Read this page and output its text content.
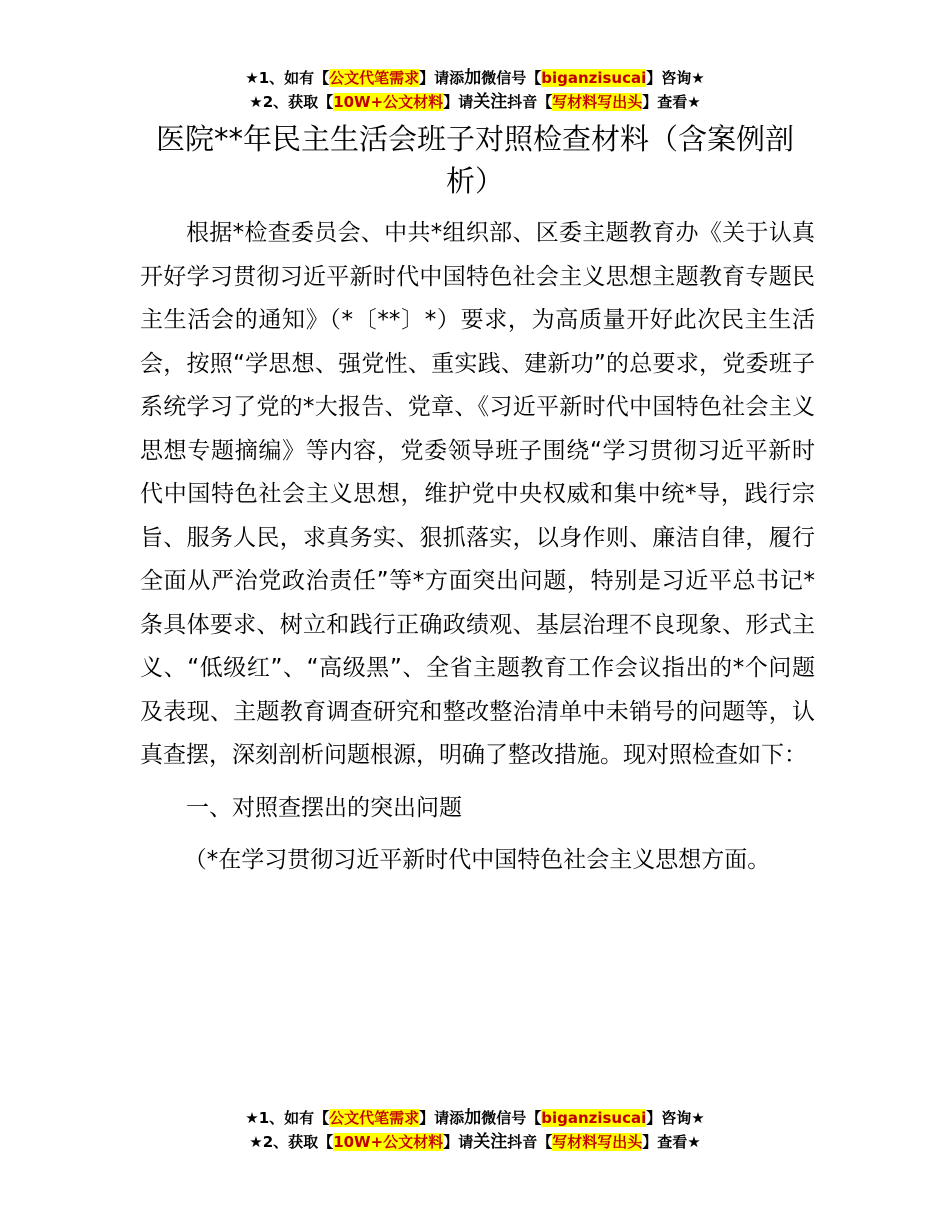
★1、如有【公文代笔需求】请添加微信号【biganzisucai】咨询★
★2、获取【10W+公文材料】请关注抖音【写材料写出头】查看★
医院**年民主生活会班子对照检查材料（含案例剖析）

根据*检查委员会、中共*组织部、区委主题教育办《关于认真开好学习贯彻习近平新时代中国特色社会主义思想主题教育专题民主生活会的通知》（*〔**〕*）要求，为高质量开好此次民主生活会，按照“学思想、强党性、重实践、建新功”的总要求，党委班子系统学习了党的*大报告、党章、《习近平新时代中国特色社会主义思想专题摘编》等内容，党委领导班子围绕“学习贯彻习近平新时代中国特色社会主义思想，维护党中央权威和集中统*导，践行宗旨、服务人民，求真务实、狠抓落实，以身作则、廉洁自律，履行全面从严治党政治责任”等*方面突出问题，特别是习近平总书记*条具体要求、树立和践行正确政绩观、基层治理不良现象、形式主义、“低级红”、“高级黑”、全省主题教育工作会议指出的*个问题及表现、主题教育调查研究和整改整治清单中未销号的问题等，认真查摆，深刻剖析问题根源，明确了整改措施。现对照检查如下：

一、对照查摆出的突出问题

（*在学习贯彻习近平新时代中国特色社会主义思想方面。

★1、如有【公文代笔需求】请添加微信号【biganzisucai】咨询★
★2、获取【10W+公文材料】请关注抖音【写材料写出头】查看★
